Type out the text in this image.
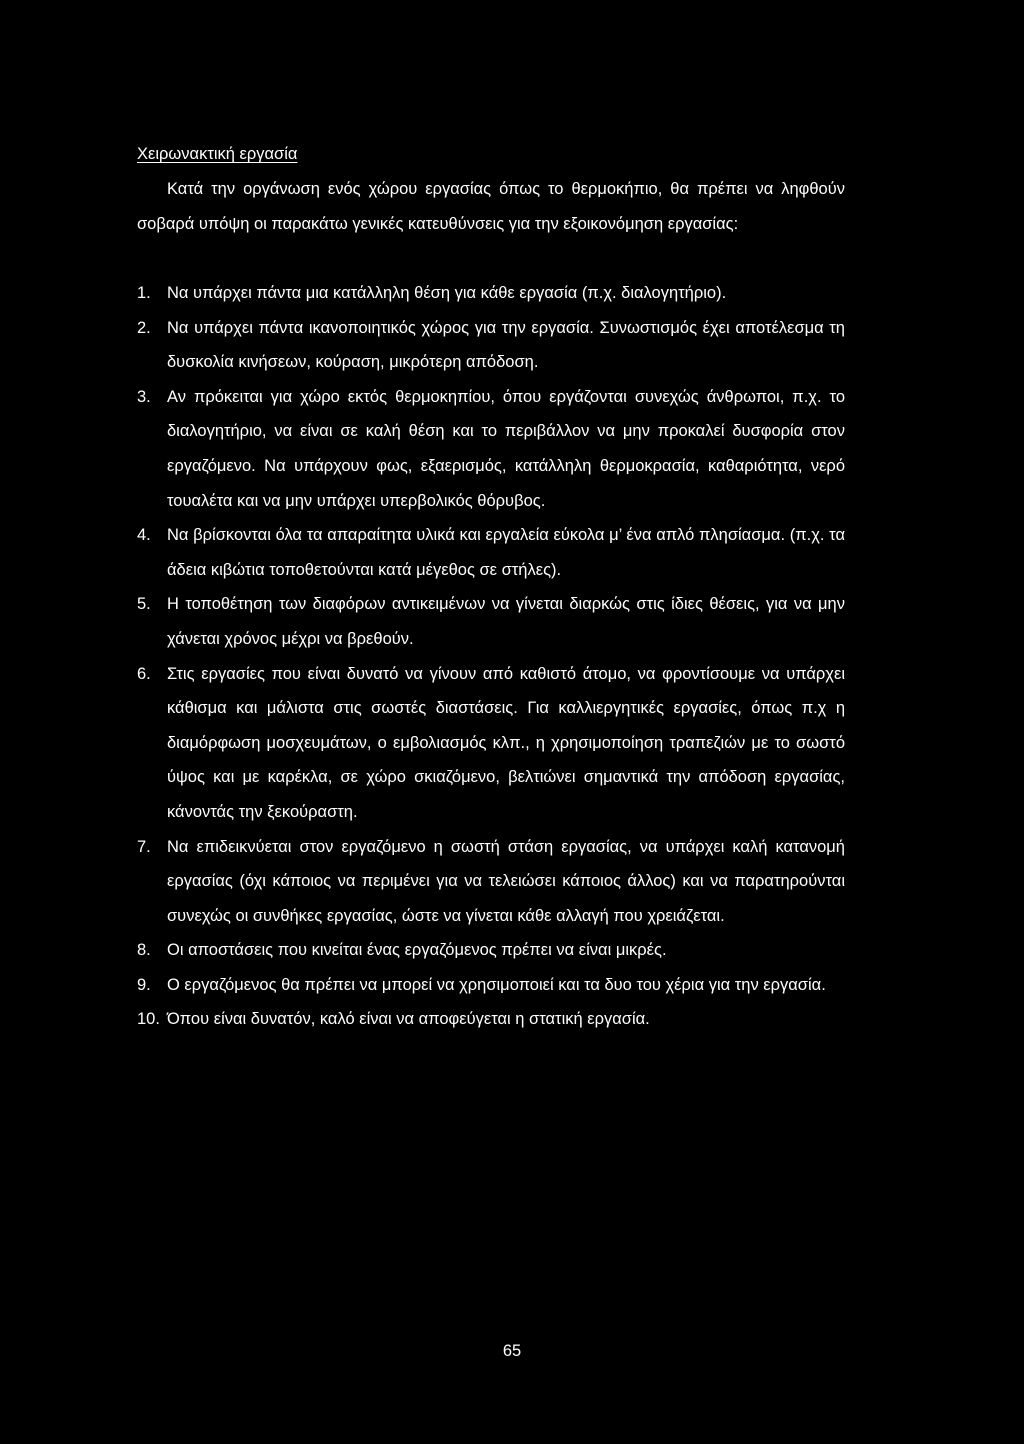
Χειρωνακτική εργασία

Κατά την οργάνωση ενός χώρου εργασίας όπως το θερμοκήπιο, θα πρέπει να ληφθούν σοβαρά υπόψη οι παρακάτω γενικές κατευθύνσεις για την εξοικονόμηση εργασίας:

1. Να υπάρχει πάντα μια κατάλληλη θέση για κάθε εργασία (π.χ. διαλογητήριο).
2. Να υπάρχει πάντα ικανοποιητικός χώρος για την εργασία. Συνωστισμός έχει αποτέλεσμα τη δυσκολία κινήσεων, κούραση, μικρότερη απόδοση.
3. Αν πρόκειται για χώρο εκτός θερμοκηπίου, όπου εργάζονται συνεχώς άνθρωποι, π.χ. το διαλογητήριο, να είναι σε καλή θέση και το περιβάλλον να μην προκαλεί δυσφορία στον εργαζόμενο. Να υπάρχουν φως, εξαερισμός, κατάλληλη θερμοκρασία, καθαριότητα, νερό τουαλέτα και να μην υπάρχει υπερβολικός θόρυβος.
4. Να βρίσκονται όλα τα απαραίτητα υλικά και εργαλεία εύκολα μ’ ένα απλό πλησίασμα. (π.χ. τα άδεια κιβώτια τοποθετούνται κατά μέγεθος σε στήλες).
5. Η τοποθέτηση των διαφόρων αντικειμένων να γίνεται διαρκώς στις ίδιες θέσεις, για να μην χάνεται χρόνος μέχρι να βρεθούν.
6. Στις εργασίες που είναι δυνατό να γίνουν από καθιστό άτομο, να φροντίσουμε να υπάρχει κάθισμα και μάλιστα στις σωστές διαστάσεις. Για καλλιεργητικές εργασίες, όπως π.χ η διαμόρφωση μοσχευμάτων, ο εμβολιασμός κλπ., η χρησιμοποίηση τραπεζιών με το σωστό ύψος και με καρέκλα, σε χώρο σκιαζόμενο, βελτιώνει σημαντικά την απόδοση εργασίας, κάνοντάς την ξεκούραστη.
7. Να επιδεικνύεται στον εργαζόμενο η σωστή στάση εργασίας, να υπάρχει καλή κατανομή εργασίας (όχι κάποιος να περιμένει για να τελειώσει κάποιος άλλος) και να παρατηρούνται συνεχώς οι συνθήκες εργασίας, ώστε να γίνεται κάθε αλλαγή που χρειάζεται.
8. Οι αποστάσεις που κινείται ένας εργαζόμενος πρέπει να είναι μικρές.
9. Ο εργαζόμενος θα πρέπει να μπορεί να χρησιμοποιεί και τα δυο του χέρια για την εργασία.
10. Όπου είναι δυνατόν, καλό είναι να αποφεύγεται η στατική εργασία.
65
